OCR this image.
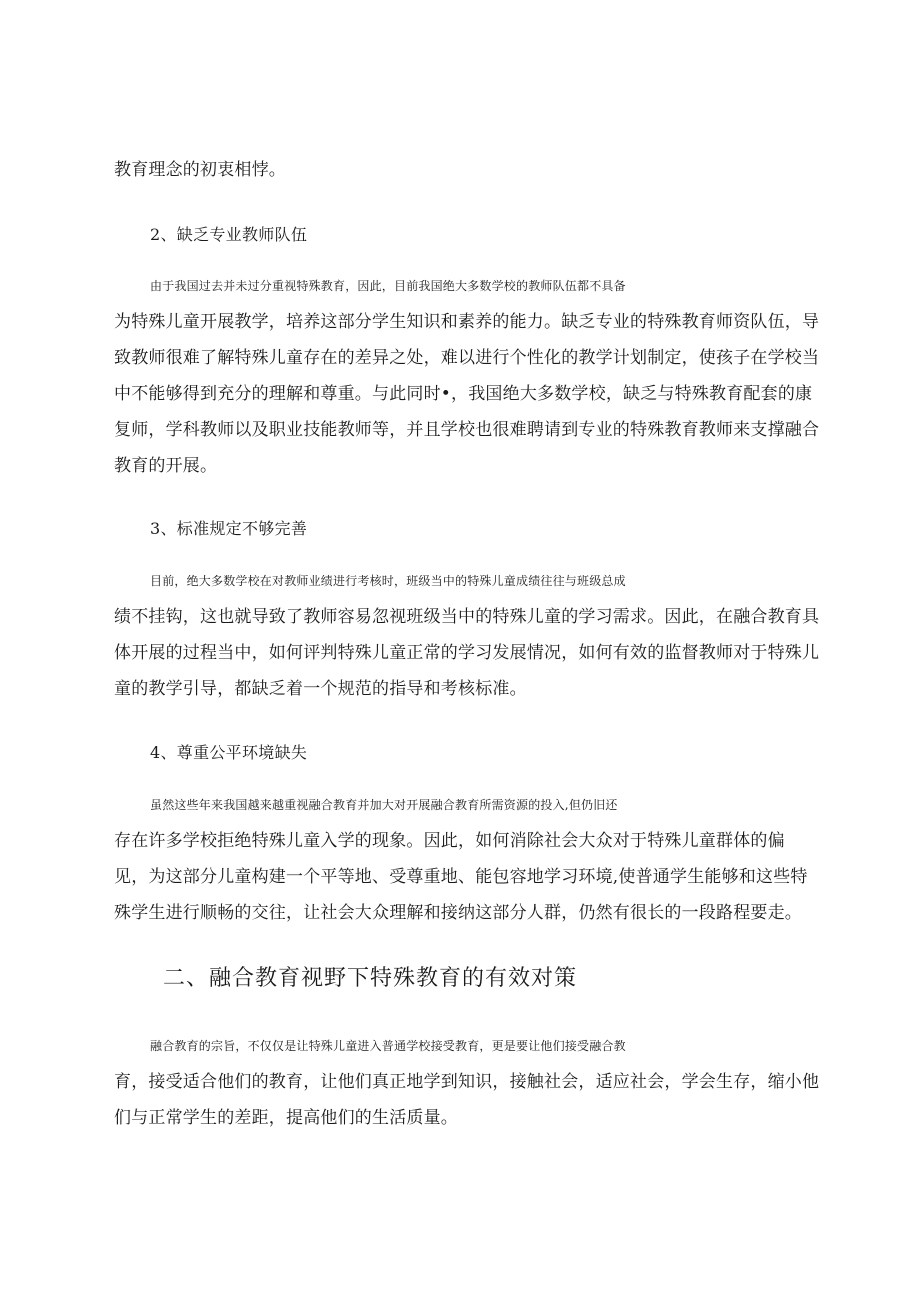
教育理念的初衷相悖。
2、缺乏专业教师队伍
由于我国过去并未过分重视特殊教育，因此，目前我国绝大多数学校的教师队伍都不具备
为特殊儿童开展教学，培养这部分学生知识和素养的能力。缺乏专业的特殊教育师资队伍，导
致教师很难了解特殊儿童存在的差异之处，难以进行个性化的教学计划制定，使孩子在学校当
中不能够得到充分的理解和尊重。与此同时•，我国绝大多数学校，缺乏与特殊教育配套的康
复师，学科教师以及职业技能教师等，并且学校也很难聘请到专业的特殊教育教师来支撑融合
教育的开展。
3、标准规定不够完善
目前，绝大多数学校在对教师业绩进行考核时，班级当中的特殊儿童成绩往往与班级总成
绩不挂钩，这也就导致了教师容易忽视班级当中的特殊儿童的学习需求。因此，在融合教育具
体开展的过程当中，如何评判特殊儿童正常的学习发展情况，如何有效的监督教师对于特殊儿
童的教学引导，都缺乏着一个规范的指导和考核标准。
4、尊重公平环境缺失
虽然这些年来我国越来越重视融合教育并加大对开展融合教育所需资源的投入,但仍旧还
存在许多学校拒绝特殊儿童入学的现象。因此，如何消除社会大众对于特殊儿童群体的偏
见，为这部分儿童构建一个平等地、受尊重地、能包容地学习环境,使普通学生能够和这些特
殊学生进行顺畅的交往，让社会大众理解和接纳这部分人群，仍然有很长的一段路程要走。
二、融合教育视野下特殊教育的有效对策
融合教育的宗旨，不仅仅是让特殊儿童进入普通学校接受教育，更是要让他们接受融合教
育，接受适合他们的教育，让他们真正地学到知识，接触社会，适应社会，学会生存，缩小他
们与正常学生的差距，提高他们的生活质量。
